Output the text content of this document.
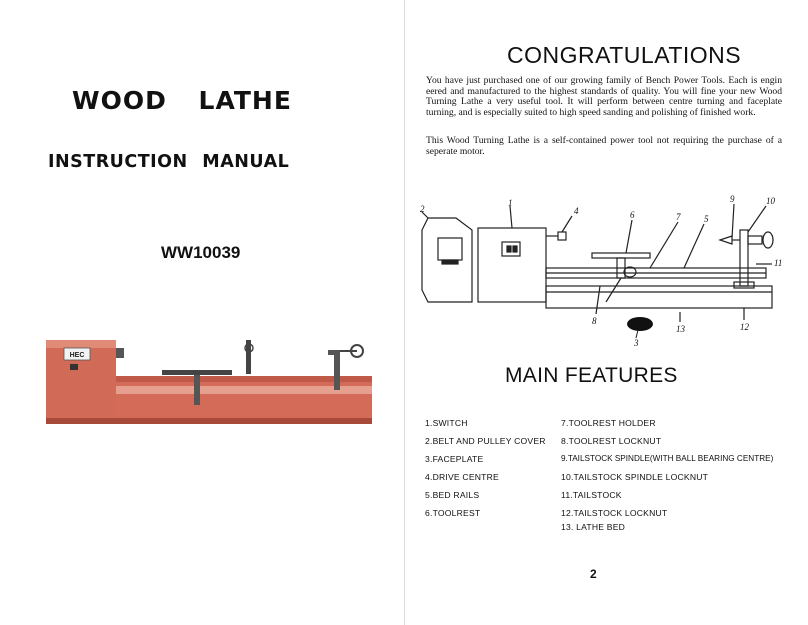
WOOD LATHE
INSTRUCTION MANUAL
WW10039
HEC
CONGRATULATIONS
You have just purchased one of our growing family of Bench Power Tools. Each is engin eered and manufactured to the highest standards of quality. You will fine your new Wood Turning Lathe a very useful tool. It will perform between centre turning and faceplate turning, and is especially suited to high speed sanding and polishing of finished work.
This Wood Turning Lathe is a self-contained power tool not requiring the purchase of a seperate motor.
2
1
4	6	7	5
9	10
11
8
3
13	12
MAIN FEATURES
1.SWITCH
2.BELT AND PULLEY COVER
3.FACEPLATE
4.DRIVE CENTRE
5.BED RAILS
6.TOOLREST
7.TOOLREST HOLDER
8.TOOLREST LOCKNUT
9.TAILSTOCK SPINDLE(WITH BALL BEARING CENTRE)
10.TAILSTOCK SPINDLE LOCKNUT
11.TAILSTOCK
12.TAILSTOCK LOCKNUT
13. LATHE BED
2
